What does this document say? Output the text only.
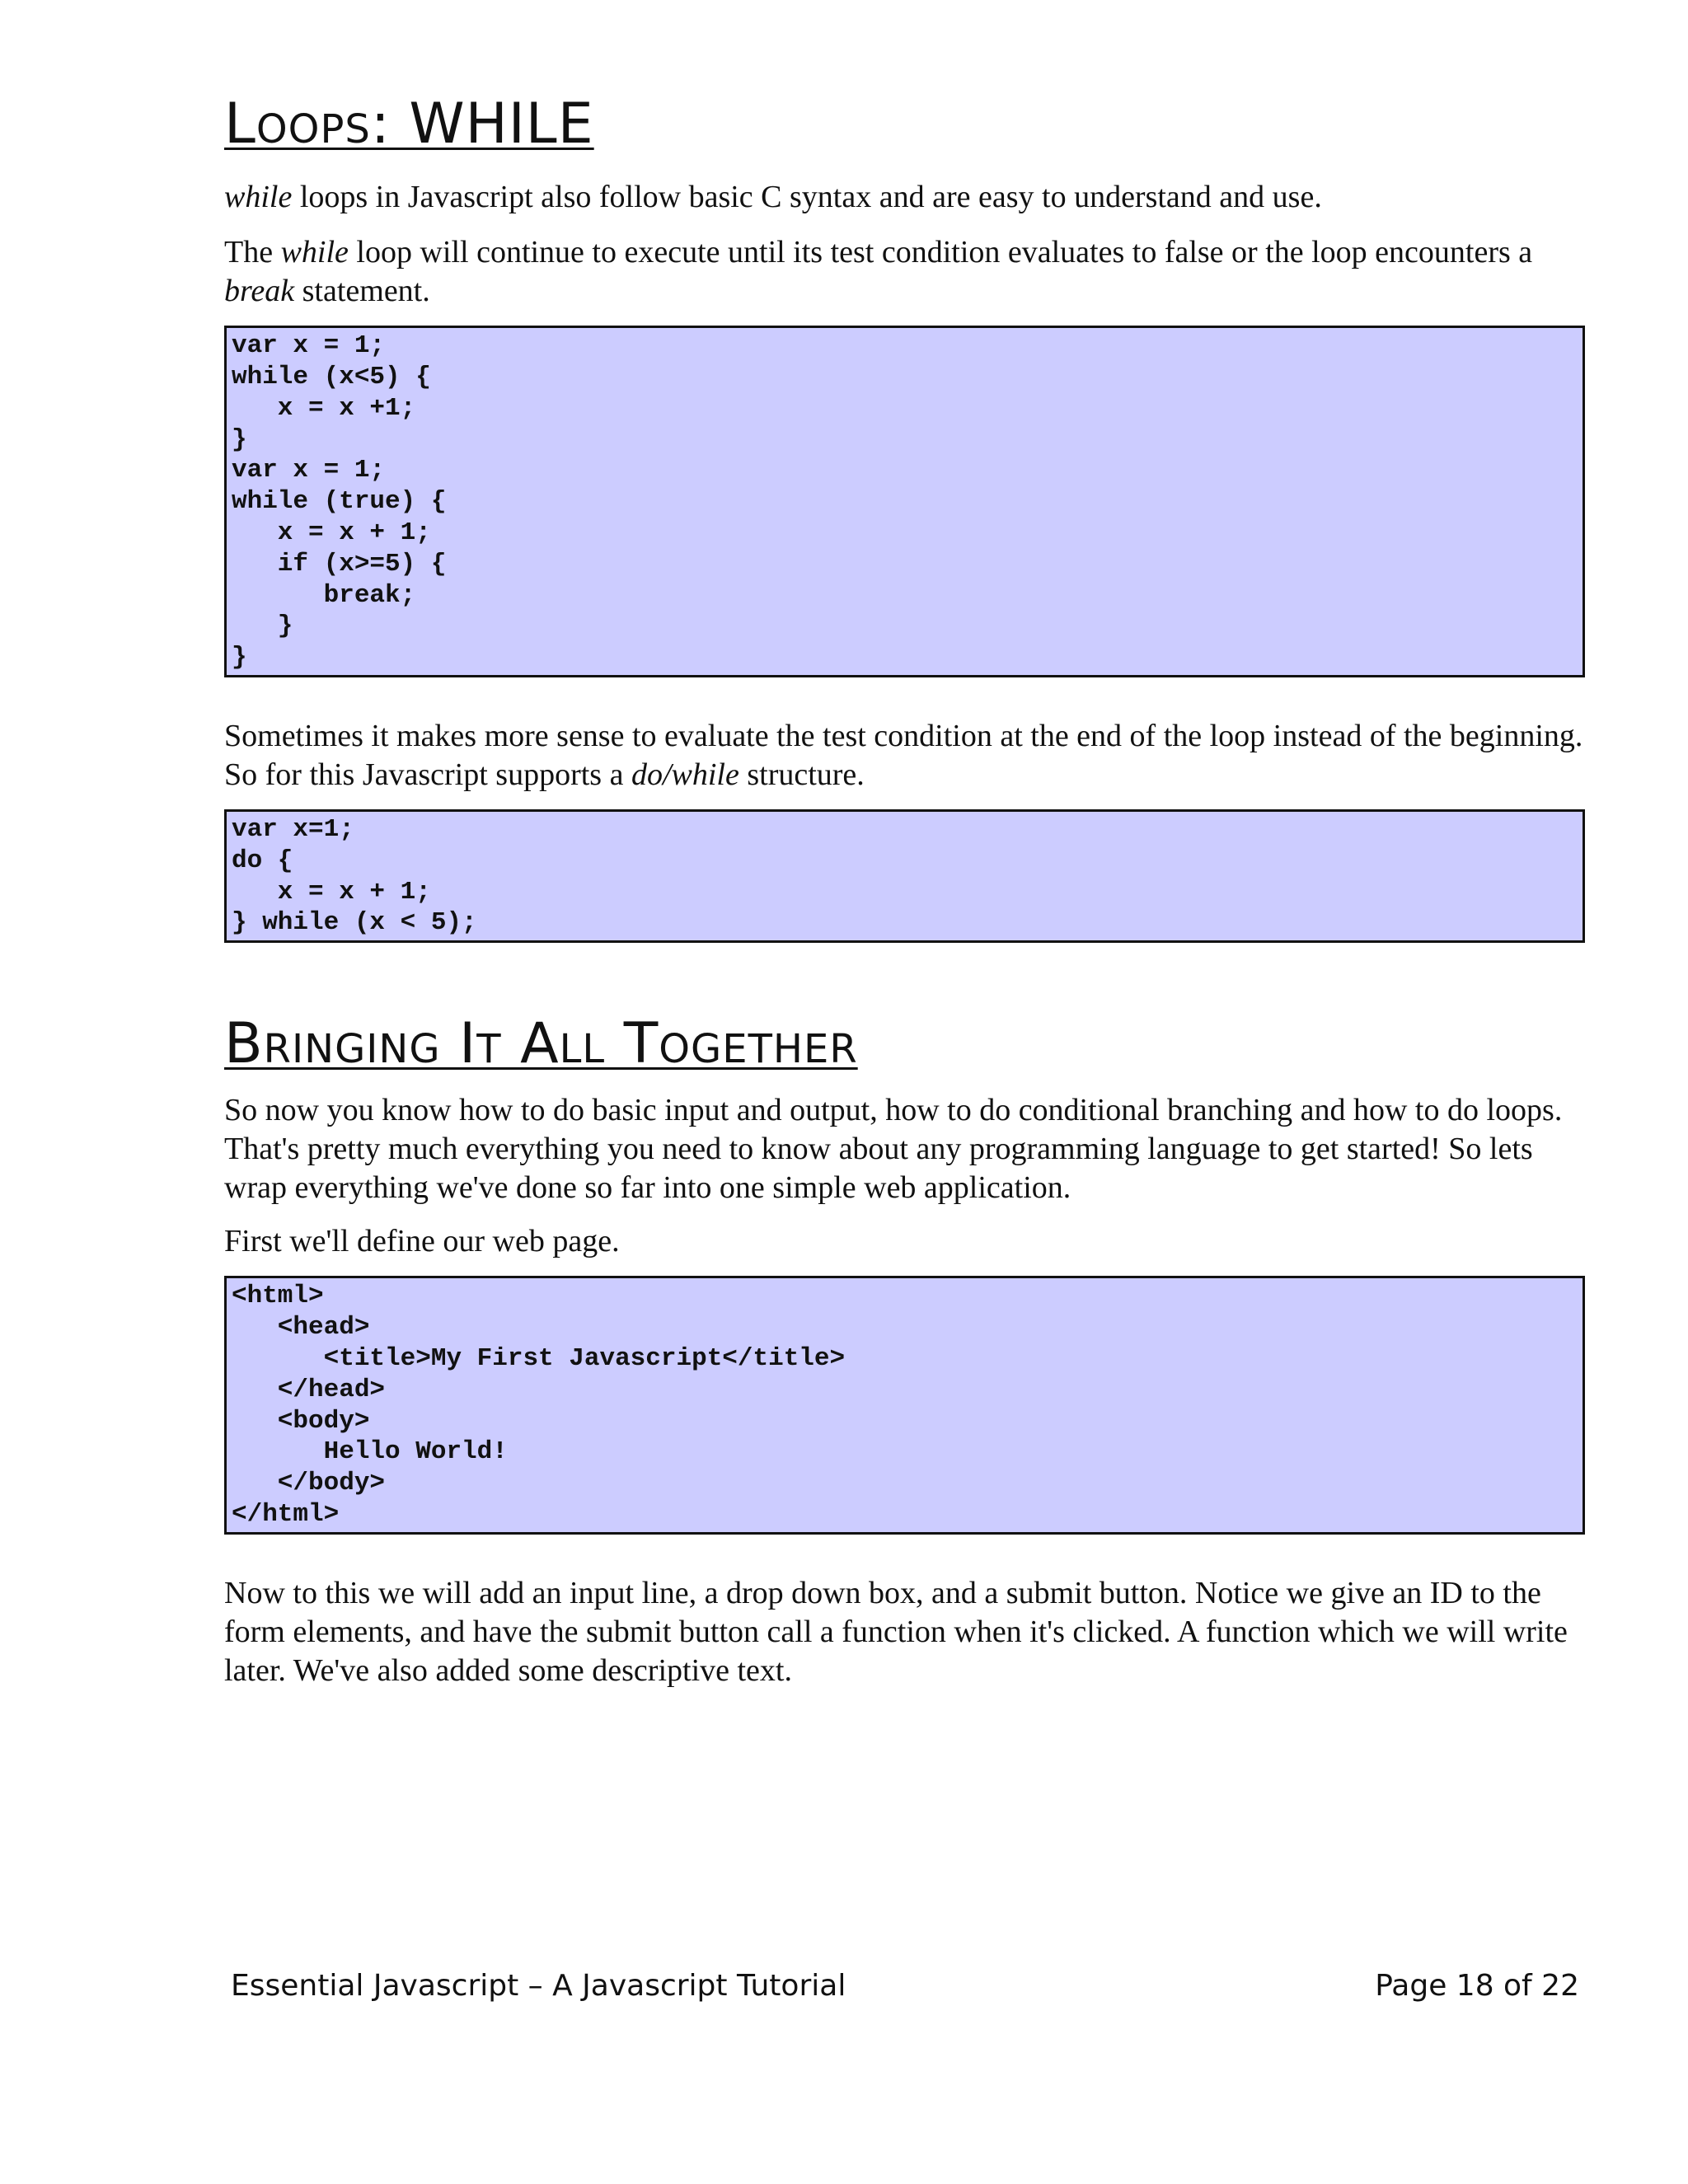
Loops: WHILE

while loops in Javascript also follow basic C syntax and are easy to understand and use.

The while loop will continue to execute until its test condition evaluates to false or the loop encounters a break statement.

var x = 1;
while (x<5) {
x = x +1;
}
var x = 1;
while (true) {
x = x + 1;
if (x>=5) {
break;
}
}

Sometimes it makes more sense to evaluate the test condition at the end of the loop instead of the beginning. So for this Javascript supports a do/while structure.

var x=1;
do {
x = x + 1;
} while (x < 5);
Bringing It All Together

So now you know how to do basic input and output, how to do conditional branching and how to do loops. That's pretty much everything you need to know about any programming language to get started! So lets wrap everything we've done so far into one simple web application.

First we'll define our web page.

<html>
<head>
<title>My First Javascript</title>
</head>
<body>
Hello World!
</body>
</html>

Now to this we will add an input line, a drop down box, and a submit button. Notice we give an ID to the form elements, and have the submit button call a function when it's clicked. A function which we will write later. We've also added some descriptive text.

Essential Javascript – A Javascript Tutorial	Page 18 of 22
